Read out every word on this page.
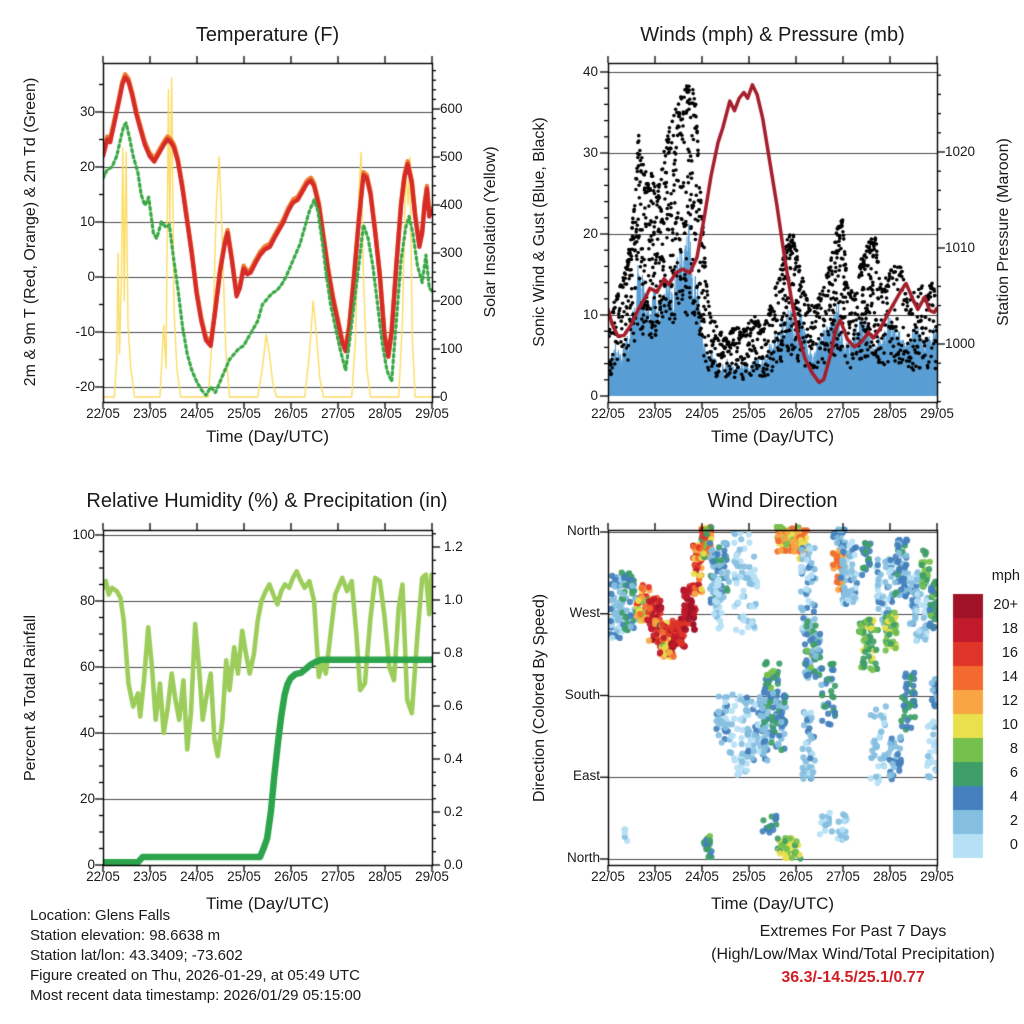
Temperature (F)	Winds (mph) & Pressure (mb)
Relative Humidity (%) & Precipitation (in)	Wind Direction
2m & 9m T (Red, Orange) & 2m Td (Green)	Solar Insolation (Yellow) Sonic Wind & Gust (Blue, Black)	Station Pressure (Maroon)
Percent & Total Rainfall	Direction (Colored By Speed)
Time (Day/UTC)	Time (Day/UTC)
Time (Day/UTC)	Time (Day/UTC)
Location: Glens Falls
Station elevation: 98.6638 m
Station lat/lon: 43.3409; -73.602
Figure created on Thu, 2026-01-29, at 05:49 UTC
Most recent data timestamp: 2026/01/29 05:15:00
Extremes For Past 7 Days
(High/Low/Max Wind/Total Precipitation)
36.3/-14.5/25.1/0.77
30
20
10
0
-10
-20
600
500
400
300
200
100
0
22/05 23/05 24/05 25/05 26/05 27/05 28/05 29/05
40
30
20
10
0
1020
1010
1000
22/05 23/05 24/05 25/05 26/05 27/05 28/05 29/05
100
80
60
40
20
0
1.2
1.0
0.8
0.6
0.4
0.2
0.0
22/05 23/05 24/05 25/05 26/05 27/05 28/05 29/05
North
West
South
East
North
22/05 23/05 24/05 25/05 26/05 27/05 28/05 29/05
mph
20+
18
16
14
12
10
8
6
4
2
0
